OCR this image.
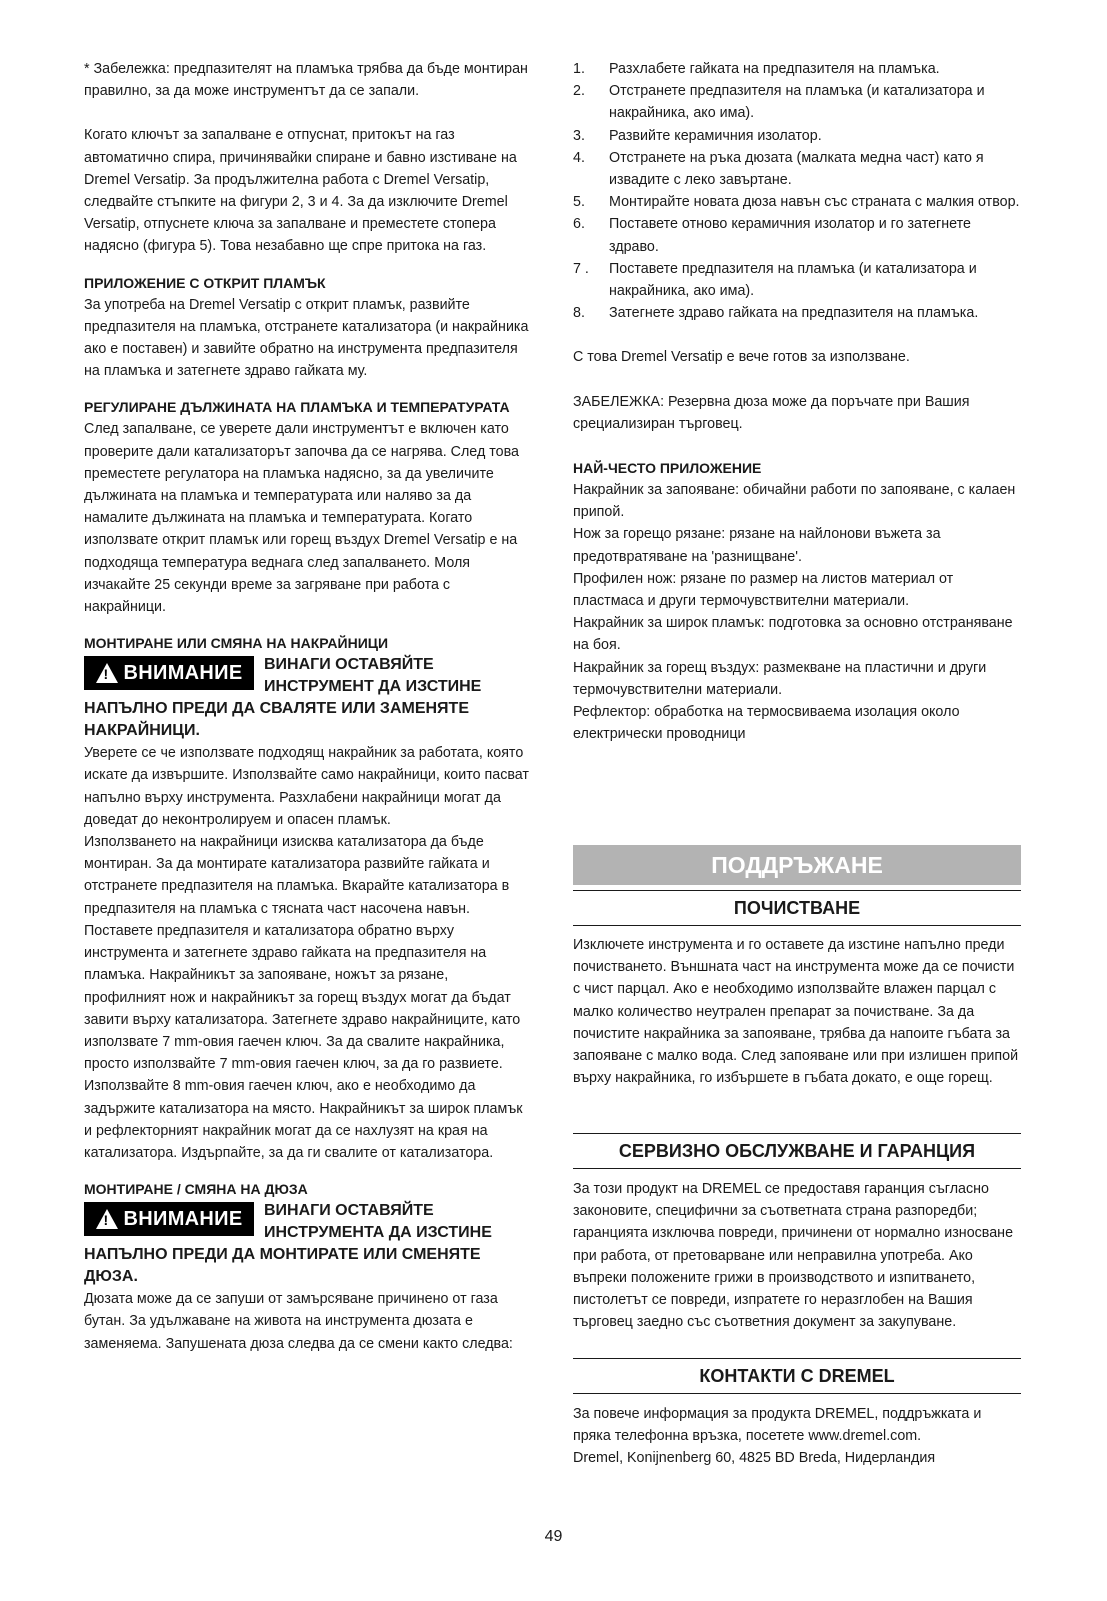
* Забележка: предпазителят на пламъка трябва да бъде монтиран правилно, за да може инструментът да се запали.

Когато ключът за запалване е отпуснат, притокът на газ автоматично спира, причинявайки спиране и бавно изстиване на Dremel Versatip. За продължителна работа с Dremel Versatip, следвайте стъпките на фигури 2, 3 и 4. За да изключите Dremel Versatip, отпуснете ключа за запалване и преместете стопера надясно (фигура 5). Това незабавно ще спре притока на газ.

ПРИЛОЖЕНИЕ С ОТКРИТ ПЛАМЪК

За употреба на Dremel Versatip с открит пламък, развийте предпазителя на пламъка, отстранете катализатора (и накрайника ако е поставен) и завийте обратно на инструмента предпазителя на пламъка и затегнете здраво гайката му.

РЕГУЛИРАНЕ ДЪЛЖИНАТА НА ПЛАМЪКА И ТЕМПЕРАТУРАТА

След запалване, се уверете дали инструментът е включен като проверите дали катализаторът започва да се нагрява. След това преместете регулатора на пламъка надясно, за да увеличите дължината на пламъка и температурата или наляво за да намалите дължината на пламъка и температурата. Когато използвате открит пламък или горещ въздух Dremel Versatip е на подходяща температура веднага след запалването. Моля изчакайте 25 секунди време за загряване при работа с накрайници.

МОНТИРАНЕ ИЛИ СМЯНА НА НАКРАЙНИЦИ
! ВНИМАНИЕ	ВИНАГИ ОСТАВЯЙТЕ
ИНСТРУМЕНТ ДА ИЗСТИНЕ
НАПЪЛНО ПРЕДИ ДА СВАЛЯТЕ ИЛИ ЗАМЕНЯТЕ НАКРАЙНИЦИ.

Уверете се че използвате подходящ накрайник за работата, която искате да извършите. Използвайте само накрайници, които пасват напълно върху инструмента. Разхлабени накрайници могат да доведат до неконтролируем и опасен пламък.

Използването на накрайници изисква катализатора да бъде монтиран. За да монтирате катализатора развийте гайката и отстранете предпазителя на пламъка. Вкарайте катализатора в предпазителя на пламъка с тясната част насочена навън. Поставете предпазителя и катализатора обратно върху инструмента и затегнете здраво гайката на предпазителя на пламъка. Накрайникът за запояване, ножът за рязане, профилният нож и накрайникът за горещ въздух могат да бъдат завити върху катализатора. Затегнете здраво накрайниците, като използвате 7 mm-овия гаечен ключ. За да свалите накрайника, просто използвайте 7 mm-овия гаечен ключ, за да го развиете. Използвайте 8 mm-овия гаечен ключ, ако е необходимо да задържите катализатора на място. Накрайникът за широк пламък и рефлекторният накрайник могат да се нахлузят на края на катализатора. Издърпайте, за да ги свалите от катализатора.

МОНТИРАНЕ / СМЯНА НА ДЮЗА
! ВНИМАНИЕ	ВИНАГИ ОСТАВЯЙТЕ
ИНСТРУМЕНТА ДА ИЗСТИНЕ
НАПЪЛНО ПРЕДИ ДА МОНТИРАТЕ ИЛИ СМЕНЯТЕ ДЮЗА.

Дюзата може да се запуши от замърсяване причинено от газа бутан. За удължаване на живота на инструмента дюзата е заменяема. Запушената дюза следва да се смени както следва:

1. Разхлабете гайката на предпазителя на пламъка.
2. Отстранете предпазителя на пламъка (и катализатора и накрайника, ако има).
3. Развийте керамичния изолатор.
4. Отстранете на ръка дюзата (малката медна част) като я извадите с леко завъртане.
5. Монтирайте новата дюза навън със страната с малкия отвор.
6. Поставете отново керамичния изолатор и го затегнете здраво.
7 . Поставете предпазителя на пламъка (и катализатора и накрайника, ако има).
8. Затегнете здраво гайката на предпазителя на пламъка.

С това Dremel Versatip е вече готов за използване.

ЗАБЕЛЕЖКА: Резервна дюза може да поръчате при Вашия срециализиран търговец.

НАЙ-ЧЕСТО ПРИЛОЖЕНИЕ

Накрайник за запояване: обичайни работи по запояване, с калаен припой.

Нож за горещо рязане: рязане на найлонови въжета за предотвратяване на 'разнищване'.

Профилен нож: рязане по размер на листов материал от пластмаса и други термочувствителни материали.

Накрайник за широк пламък: подготовка за основно отстраняване на боя.

Накрайник за горещ въздух: размекване на пластични и други термочувствителни материали.

Рефлектор: обработка на термосвиваема изолация около електрически проводници

ПОДДРЪЖАНЕ
ПОЧИСТВАНЕ

Изключете инструмента и го оставете да изстине напълно преди почистването. Външната част на инструмента може да се почисти с чист парцал. Ако е необходимо използвайте влажен парцал с малко количество неутрален препарат за почистване. За да почистите накрайника за запояване, трябва да напоите гъбата за запояване с малко вода. След запояване или при излишен припой върху накрайника, го избършете в гъбата докато, е още горещ.

СЕРВИЗНО ОБСЛУЖВАНЕ И ГАРАНЦИЯ

За този продукт на DREMEL се предоставя гаранция съгласно законовите, специфични за съответната страна разпоредби; гаранцията изключва повреди, причинени от нормално износване при работа, от претоварване или неправилна употреба. Ако въпреки положените грижи в производството и изпитването, пистолетът се повреди, изпратете го неразглобен на Вашия търговец заедно със съответния документ за закупуване.

КОНТАКТИ С DREMEL

За повече информация за продукта DREMEL, поддръжката и пряка телефонна връзка, посетете www.dremel.com.

Dremel, Konijnenberg 60, 4825 BD Breda, Нидерландия

49
